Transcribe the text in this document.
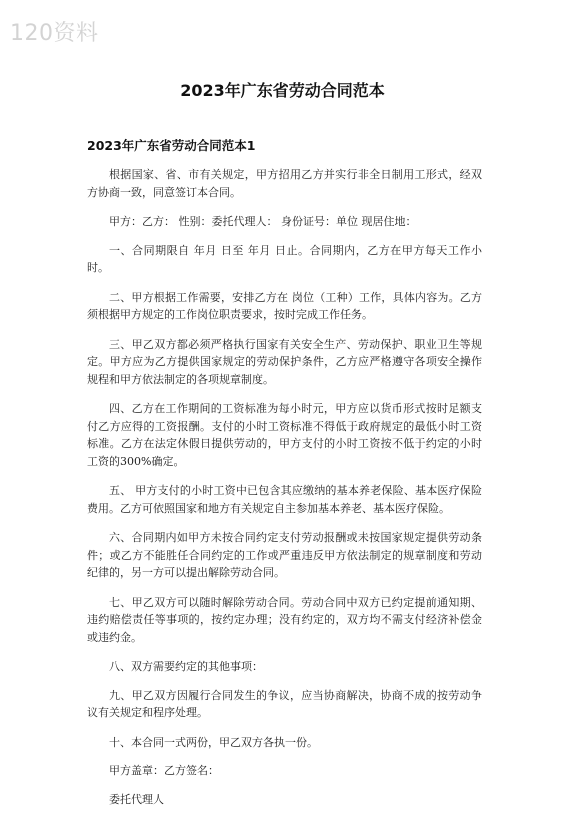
120资料
2023年广东省劳动合同范本
2023年广东省劳动合同范本1

根据国家、省、市有关规定，甲方招用乙方并实行非全日制用工形式，经双方协商一致，同意签订本合同。

甲方：乙方： 性别：委托代理人： 身份证号：单位 现居住地：

一、合同期限自 年月 日至 年月 日止。合同期内，乙方在甲方每天工作小时。

二、甲方根据工作需要，安排乙方在 岗位（工种）工作，具体内容为。乙方须根据甲方规定的工作岗位职责要求，按时完成工作任务。

三、甲乙双方都必须严格执行国家有关安全生产、劳动保护、职业卫生等规定。甲方应为乙方提供国家规定的劳动保护条件，乙方应严格遵守各项安全操作规程和甲方依法制定的各项规章制度。

四、乙方在工作期间的工资标准为每小时元，甲方应以货币形式按时足额支付乙方应得的工资报酬。支付的小时工资标准不得低于政府规定的最低小时工资标准。乙方在法定休假日提供劳动的，甲方支付的小时工资按不低于约定的小时工资的300%确定。

五、 甲方支付的小时工资中已包含其应缴纳的基本养老保险、基本医疗保险费用。乙方可依照国家和地方有关规定自主参加基本养老、基本医疗保险。

六、合同期内如甲方未按合同约定支付劳动报酬或未按国家规定提供劳动条件；或乙方不能胜任合同约定的工作或严重违反甲方依法制定的规章制度和劳动纪律的，另一方可以提出解除劳动合同。

七、甲乙双方可以随时解除劳动合同。劳动合同中双方已约定提前通知期、违约赔偿责任等事项的，按约定办理；没有约定的，双方均不需支付经济补偿金或违约金。

八、双方需要约定的其他事项：

九、甲乙双方因履行合同发生的争议，应当协商解决，协商不成的按劳动争议有关规定和程序处理。

十、本合同一式两份，甲乙双方各执一份。

甲方盖章：乙方签名：

委托代理人
